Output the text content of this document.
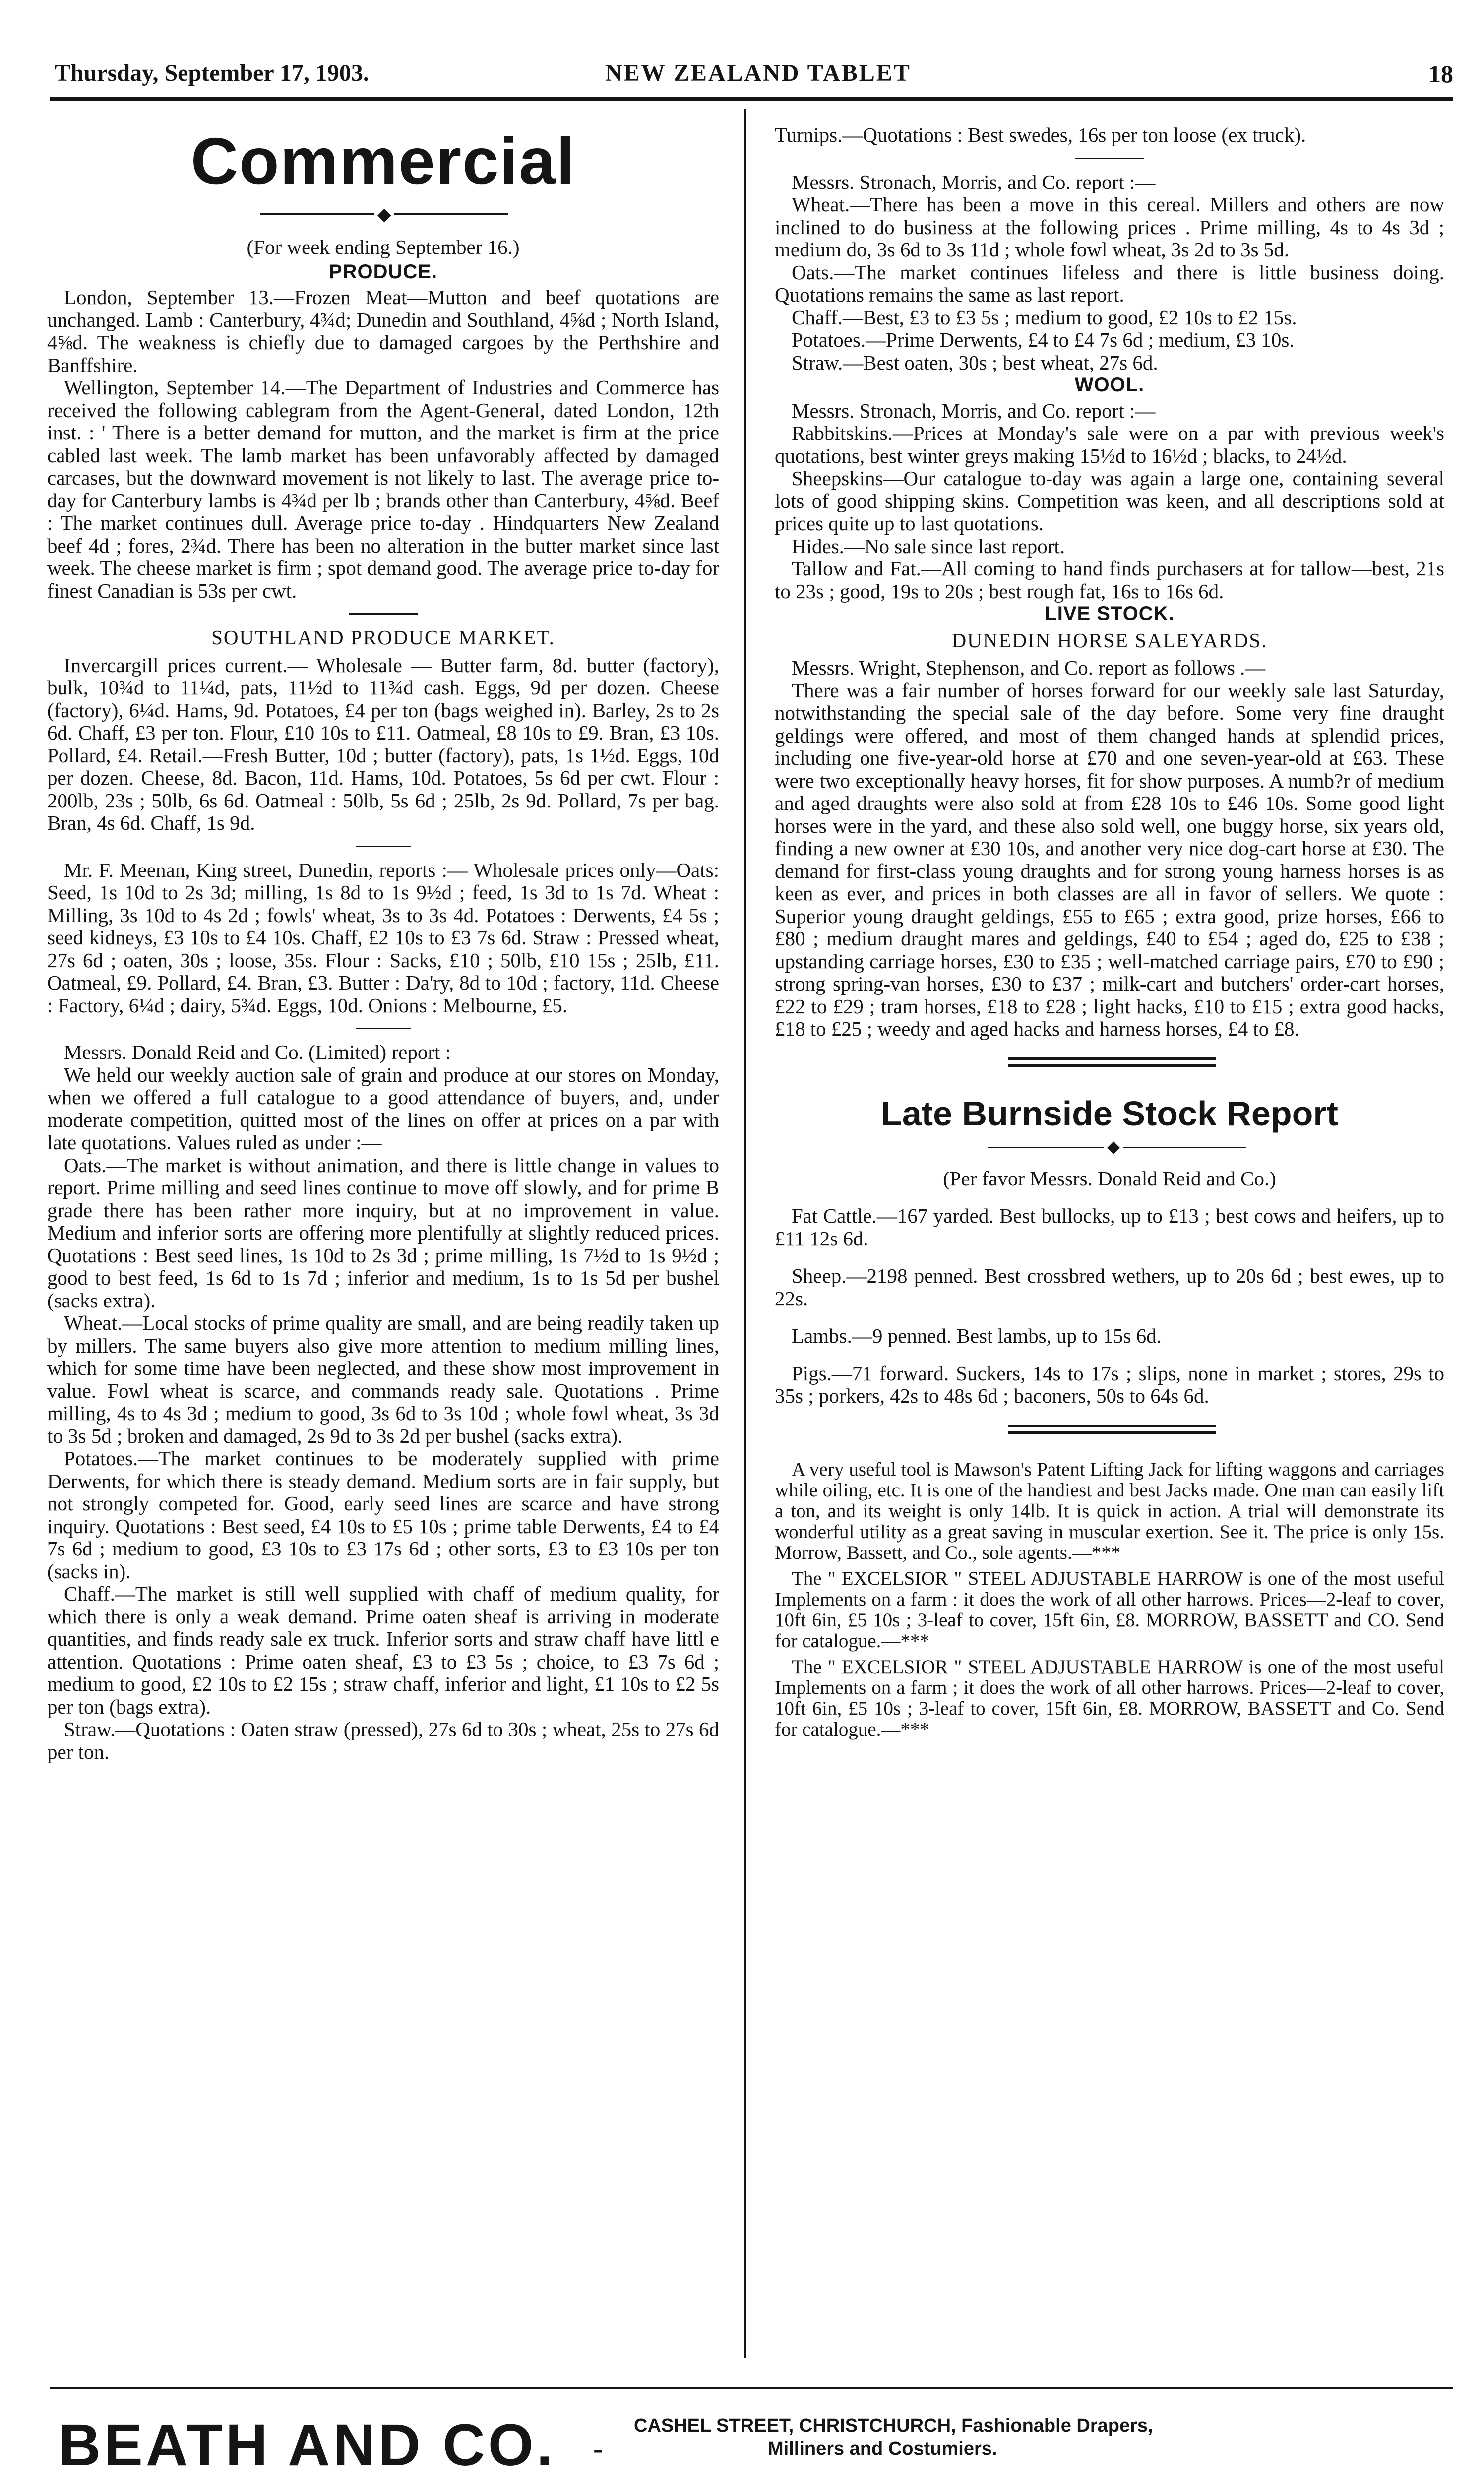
Thursday, September 17, 1903.	NEW ZEALAND TABLET	18
Commercial
◆

(For week ending September 16.)

PRODUCE.

London, September 13.—Frozen Meat—Mutton and beef quotations are unchanged. Lamb : Canterbury, 4¾d; Dunedin and Southland, 4⅝d ; North Island, 4⅝d. The weakness is chiefly due to damaged cargoes by the Perthshire and Banffshire.

Wellington, September 14.—The Department of Industries and Commerce has received the following cablegram from the Agent-General, dated London, 12th inst. : ' There is a better demand for mutton, and the market is firm at the price cabled last week. The lamb market has been unfavorably affected by damaged carcases, but the downward movement is not likely to last. The average price to-day for Canterbury lambs is 4¾d per lb ; brands other than Canterbury, 4⅝d. Beef : The market continues dull. Average price to-day . Hindquarters New Zealand beef 4d ; fores, 2¾d. There has been no alteration in the butter market since last week. The cheese market is firm ; spot demand good. The average price to-day for finest Canadian is 53s per cwt.

SOUTHLAND PRODUCE MARKET.

Invercargill prices current.— Wholesale — Butter farm, 8d. butter (factory), bulk, 10¾d to 11¼d, pats, 11½d to 11¾d cash. Eggs, 9d per dozen. Cheese (factory), 6¼d. Hams, 9d. Potatoes, £4 per ton (bags weighed in). Barley, 2s to 2s 6d. Chaff, £3 per ton. Flour, £10 10s to £11. Oatmeal, £8 10s to £9. Bran, £3 10s. Pollard, £4. Retail.—Fresh Butter, 10d ; butter (factory), pats, 1s 1½d. Eggs, 10d per dozen. Cheese, 8d. Bacon, 11d. Hams, 10d. Potatoes, 5s 6d per cwt. Flour : 200lb, 23s ; 50lb, 6s 6d. Oatmeal : 50lb, 5s 6d ; 25lb, 2s 9d. Pollard, 7s per bag. Bran, 4s 6d. Chaff, 1s 9d.

Mr. F. Meenan, King street, Dunedin, reports :— Wholesale prices only—Oats: Seed, 1s 10d to 2s 3d; milling, 1s 8d to 1s 9½d ; feed, 1s 3d to 1s 7d. Wheat : Milling, 3s 10d to 4s 2d ; fowls' wheat, 3s to 3s 4d. Potatoes : Derwents, £4 5s ; seed kidneys, £3 10s to £4 10s. Chaff, £2 10s to £3 7s 6d. Straw : Pressed wheat, 27s 6d ; oaten, 30s ; loose, 35s. Flour : Sacks, £10 ; 50lb, £10 15s ; 25lb, £11. Oatmeal, £9. Pollard, £4. Bran, £3. Butter : Da'ry, 8d to 10d ; factory, 11d. Cheese : Factory, 6¼d ; dairy, 5¾d. Eggs, 10d. Onions : Melbourne, £5.

Messrs. Donald Reid and Co. (Limited) report :

We held our weekly auction sale of grain and produce at our stores on Monday, when we offered a full catalogue to a good attendance of buyers, and, under moderate competition, quitted most of the lines on offer at prices on a par with late quotations. Values ruled as under :—

Oats.—The market is without animation, and there is little change in values to report. Prime milling and seed lines continue to move off slowly, and for prime B grade there has been rather more inquiry, but at no improvement in value. Medium and inferior sorts are offering more plentifully at slightly reduced prices. Quotations : Best seed lines, 1s 10d to 2s 3d ; prime milling, 1s 7½d to 1s 9½d ; good to best feed, 1s 6d to 1s 7d ; inferior and medium, 1s to 1s 5d per bushel (sacks extra).

Wheat.—Local stocks of prime quality are small, and are being readily taken up by millers. The same buyers also give more attention to medium milling lines, which for some time have been neglected, and these show most improvement in value. Fowl wheat is scarce, and commands ready sale. Quotations . Prime milling, 4s to 4s 3d ; medium to good, 3s 6d to 3s 10d ; whole fowl wheat, 3s 3d to 3s 5d ; broken and damaged, 2s 9d to 3s 2d per bushel (sacks extra).

Potatoes.—The market continues to be moderately supplied with prime Derwents, for which there is steady demand. Medium sorts are in fair supply, but not strongly competed for. Good, early seed lines are scarce and have strong inquiry. Quotations : Best seed, £4 10s to £5 10s ; prime table Derwents, £4 to £4 7s 6d ; medium to good, £3 10s to £3 17s 6d ; other sorts, £3 to £3 10s per ton (sacks in).

Chaff.—The market is still well supplied with chaff of medium quality, for which there is only a weak demand. Prime oaten sheaf is arriving in moderate quantities, and finds ready sale ex truck. Inferior sorts and straw chaff have littl e attention. Quotations : Prime oaten sheaf, £3 to £3 5s ; choice, to £3 7s 6d ; medium to good, £2 10s to £2 15s ; straw chaff, inferior and light, £1 10s to £2 5s per ton (bags extra).

Straw.—Quotations : Oaten straw (pressed), 27s 6d to 30s ; wheat, 25s to 27s 6d per ton.

Turnips.—Quotations : Best swedes, 16s per ton loose (ex truck).

Messrs. Stronach, Morris, and Co. report :—

Wheat.—There has been a move in this cereal. Millers and others are now inclined to do business at the following prices . Prime milling, 4s to 4s 3d ; medium do, 3s 6d to 3s 11d ; whole fowl wheat, 3s 2d to 3s 5d.

Oats.—The market continues lifeless and there is little business doing. Quotations remains the same as last report.

Chaff.—Best, £3 to £3 5s ; medium to good, £2 10s to £2 15s.

Potatoes.—Prime Derwents, £4 to £4 7s 6d ; medium, £3 10s.

Straw.—Best oaten, 30s ; best wheat, 27s 6d.

WOOL.

Messrs. Stronach, Morris, and Co. report :—

Rabbitskins.—Prices at Monday's sale were on a par with previous week's quotations, best winter greys making 15½d to 16½d ; blacks, to 24½d.

Sheepskins—Our catalogue to-day was again a large one, containing several lots of good shipping skins. Competition was keen, and all descriptions sold at prices quite up to last quotations.

Hides.—No sale since last report.

Tallow and Fat.—All coming to hand finds purchasers at for tallow—best, 21s to 23s ; good, 19s to 20s ; best rough fat, 16s to 16s 6d.

LIVE STOCK.

DUNEDIN HORSE SALEYARDS.

Messrs. Wright, Stephenson, and Co. report as follows .—

There was a fair number of horses forward for our weekly sale last Saturday, notwithstanding the special sale of the day before. Some very fine draught geldings were offered, and most of them changed hands at splendid prices, including one five-year-old horse at £70 and one seven-year-old at £63. These were two exceptionally heavy horses, fit for show purposes. A numb?r of medium and aged draughts were also sold at from £28 10s to £46 10s. Some good light horses were in the yard, and these also sold well, one buggy horse, six years old, finding a new owner at £30 10s, and another very nice dog-cart horse at £30. The demand for first-class young draughts and for strong young harness horses is as keen as ever, and prices in both classes are all in favor of sellers. We quote : Superior young draught geldings, £55 to £65 ; extra good, prize horses, £66 to £80 ; medium draught mares and geldings, £40 to £54 ; aged do, £25 to £38 ; upstanding carriage horses, £30 to £35 ; well-matched carriage pairs, £70 to £90 ; strong spring-van horses, £30 to £37 ; milk-cart and butchers' order-cart horses, £22 to £29 ; tram horses, £18 to £28 ; light hacks, £10 to £15 ; extra good hacks, £18 to £25 ; weedy and aged hacks and harness horses, £4 to £8.

Late Burnside Stock Report
◆

(Per favor Messrs. Donald Reid and Co.)

Fat Cattle.—167 yarded. Best bullocks, up to £13 ; best cows and heifers, up to £11 12s 6d.

Sheep.—2198 penned. Best crossbred wethers, up to 20s 6d ; best ewes, up to 22s.

Lambs.—9 penned. Best lambs, up to 15s 6d.

Pigs.—71 forward. Suckers, 14s to 17s ; slips, none in market ; stores, 29s to 35s ; porkers, 42s to 48s 6d ; baconers, 50s to 64s 6d.

A very useful tool is Mawson's Patent Lifting Jack for lifting waggons and carriages while oiling, etc. It is one of the handiest and best Jacks made. One man can easily lift a ton, and its weight is only 14lb. It is quick in action. A trial will demonstrate its wonderful utility as a great saving in muscular exertion. See it. The price is only 15s. Morrow, Bassett, and Co., sole agents.—***

The " EXCELSIOR " STEEL ADJUSTABLE HARROW is one of the most useful Implements on a farm : it does the work of all other harrows. Prices—2-leaf to cover, 10ft 6in, £5 10s ; 3-leaf to cover, 15ft 6in, £8. MORROW, BASSETT and CO. Send for catalogue.—***

The " EXCELSIOR " STEEL ADJUSTABLE HARROW is one of the most useful Implements on a farm ; it does the work of all other harrows. Prices—2-leaf to cover, 10ft 6in, £5 10s ; 3-leaf to cover, 15ft 6in, £8. MORROW, BASSETT and Co. Send for catalogue.—***

BEATH AND CO. -
CASHEL STREET, CHRISTCHURCH, Fashionable Drapers,
Milliners and Costumiers.
